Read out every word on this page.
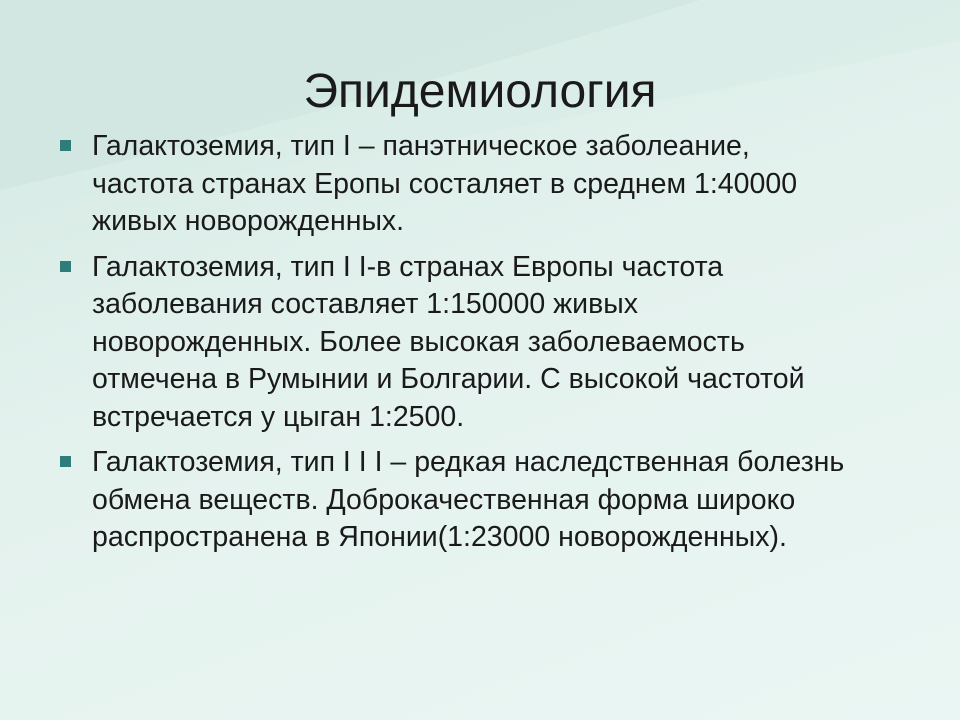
Эпидемиология
Галактоземия, тип I – панэтническое заболеание,
частота странах Еропы состаляет в среднем 1:40000
живых новорожденных.
Галактоземия, тип I I-в странах Европы частота
заболевания составляет 1:150000 живых
новорожденных. Более высокая заболеваемость
отмечена в Румынии и Болгарии. С высокой частотой
встречается у цыган 1:2500.
Галактоземия, тип I I I – редкая наследственная болезнь
обмена веществ. Доброкачественная форма широко
распространена в Японии(1:23000 новорожденных).
